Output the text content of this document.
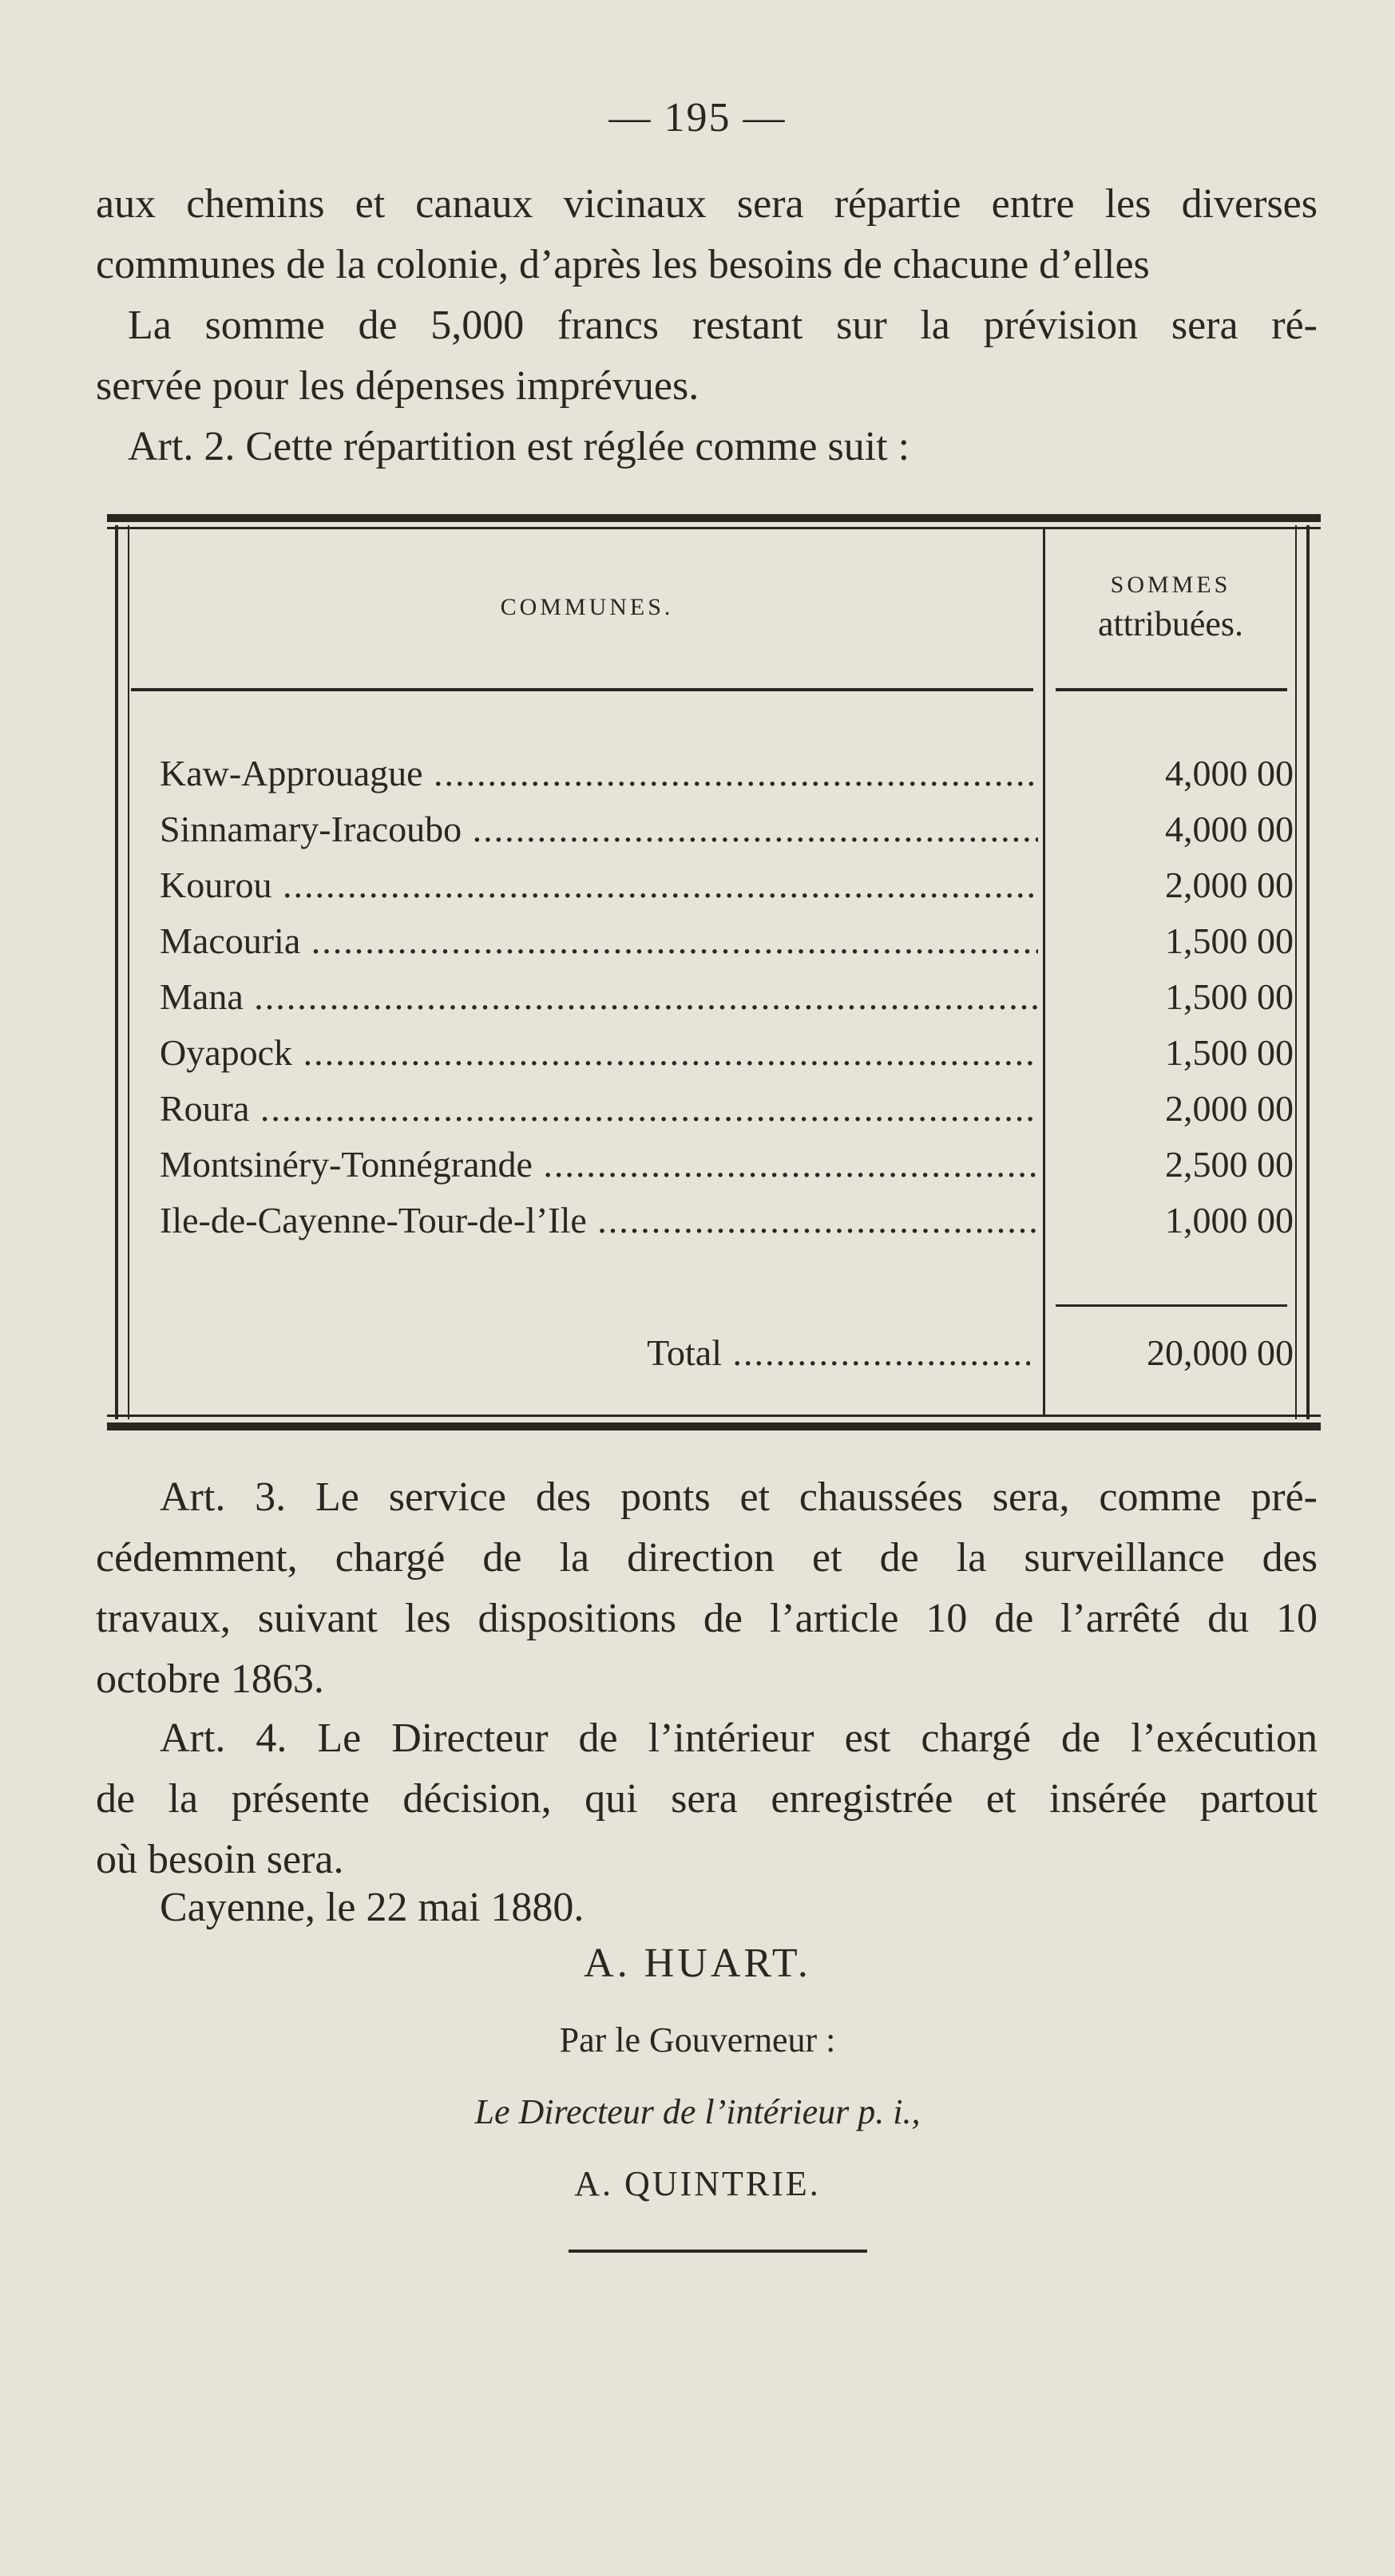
— 195 —
aux chemins et canaux vicinaux sera répartie entre les diverses
communes de la colonie, d’après les besoins de chacune d’elles
La somme de 5,000 francs restant sur la prévision sera ré-
servée pour les dépenses imprévues.
Art. 2. Cette répartition est réglée comme suit :
COMMUNES.
SOMMES
attribuées.
Kaw-Approuague .....	4,000 00
Sinnamary-Iracoubo .....	4,000 00
Kourou .....	2,000 00
Macouria .....	1,500 00
Mana .....	1,500 00
Oyapock .....	1,500 00
Roura .....	2,000 00
Montsinéry-Tonnégrande .....	2,500 00
Ile-de-Cayenne-Tour-de-l’Ile .....	1,000 00
Total .....	20,000 00
Art. 3. Le service des ponts et chaussées sera, comme pré-
cédemment, chargé de la direction et de la surveillance des
travaux, suivant les dispositions de l’article 10 de l’arrêté du 10
octobre 1863.
Art. 4. Le Directeur de l’intérieur est chargé de l’exécution
de la présente décision, qui sera enregistrée et insérée partout
où besoin sera.
Cayenne, le 22 mai 1880.
A. HUART.
Par le Gouverneur :
Le Directeur de l’intérieur p. i.,
A. QUINTRIE.
